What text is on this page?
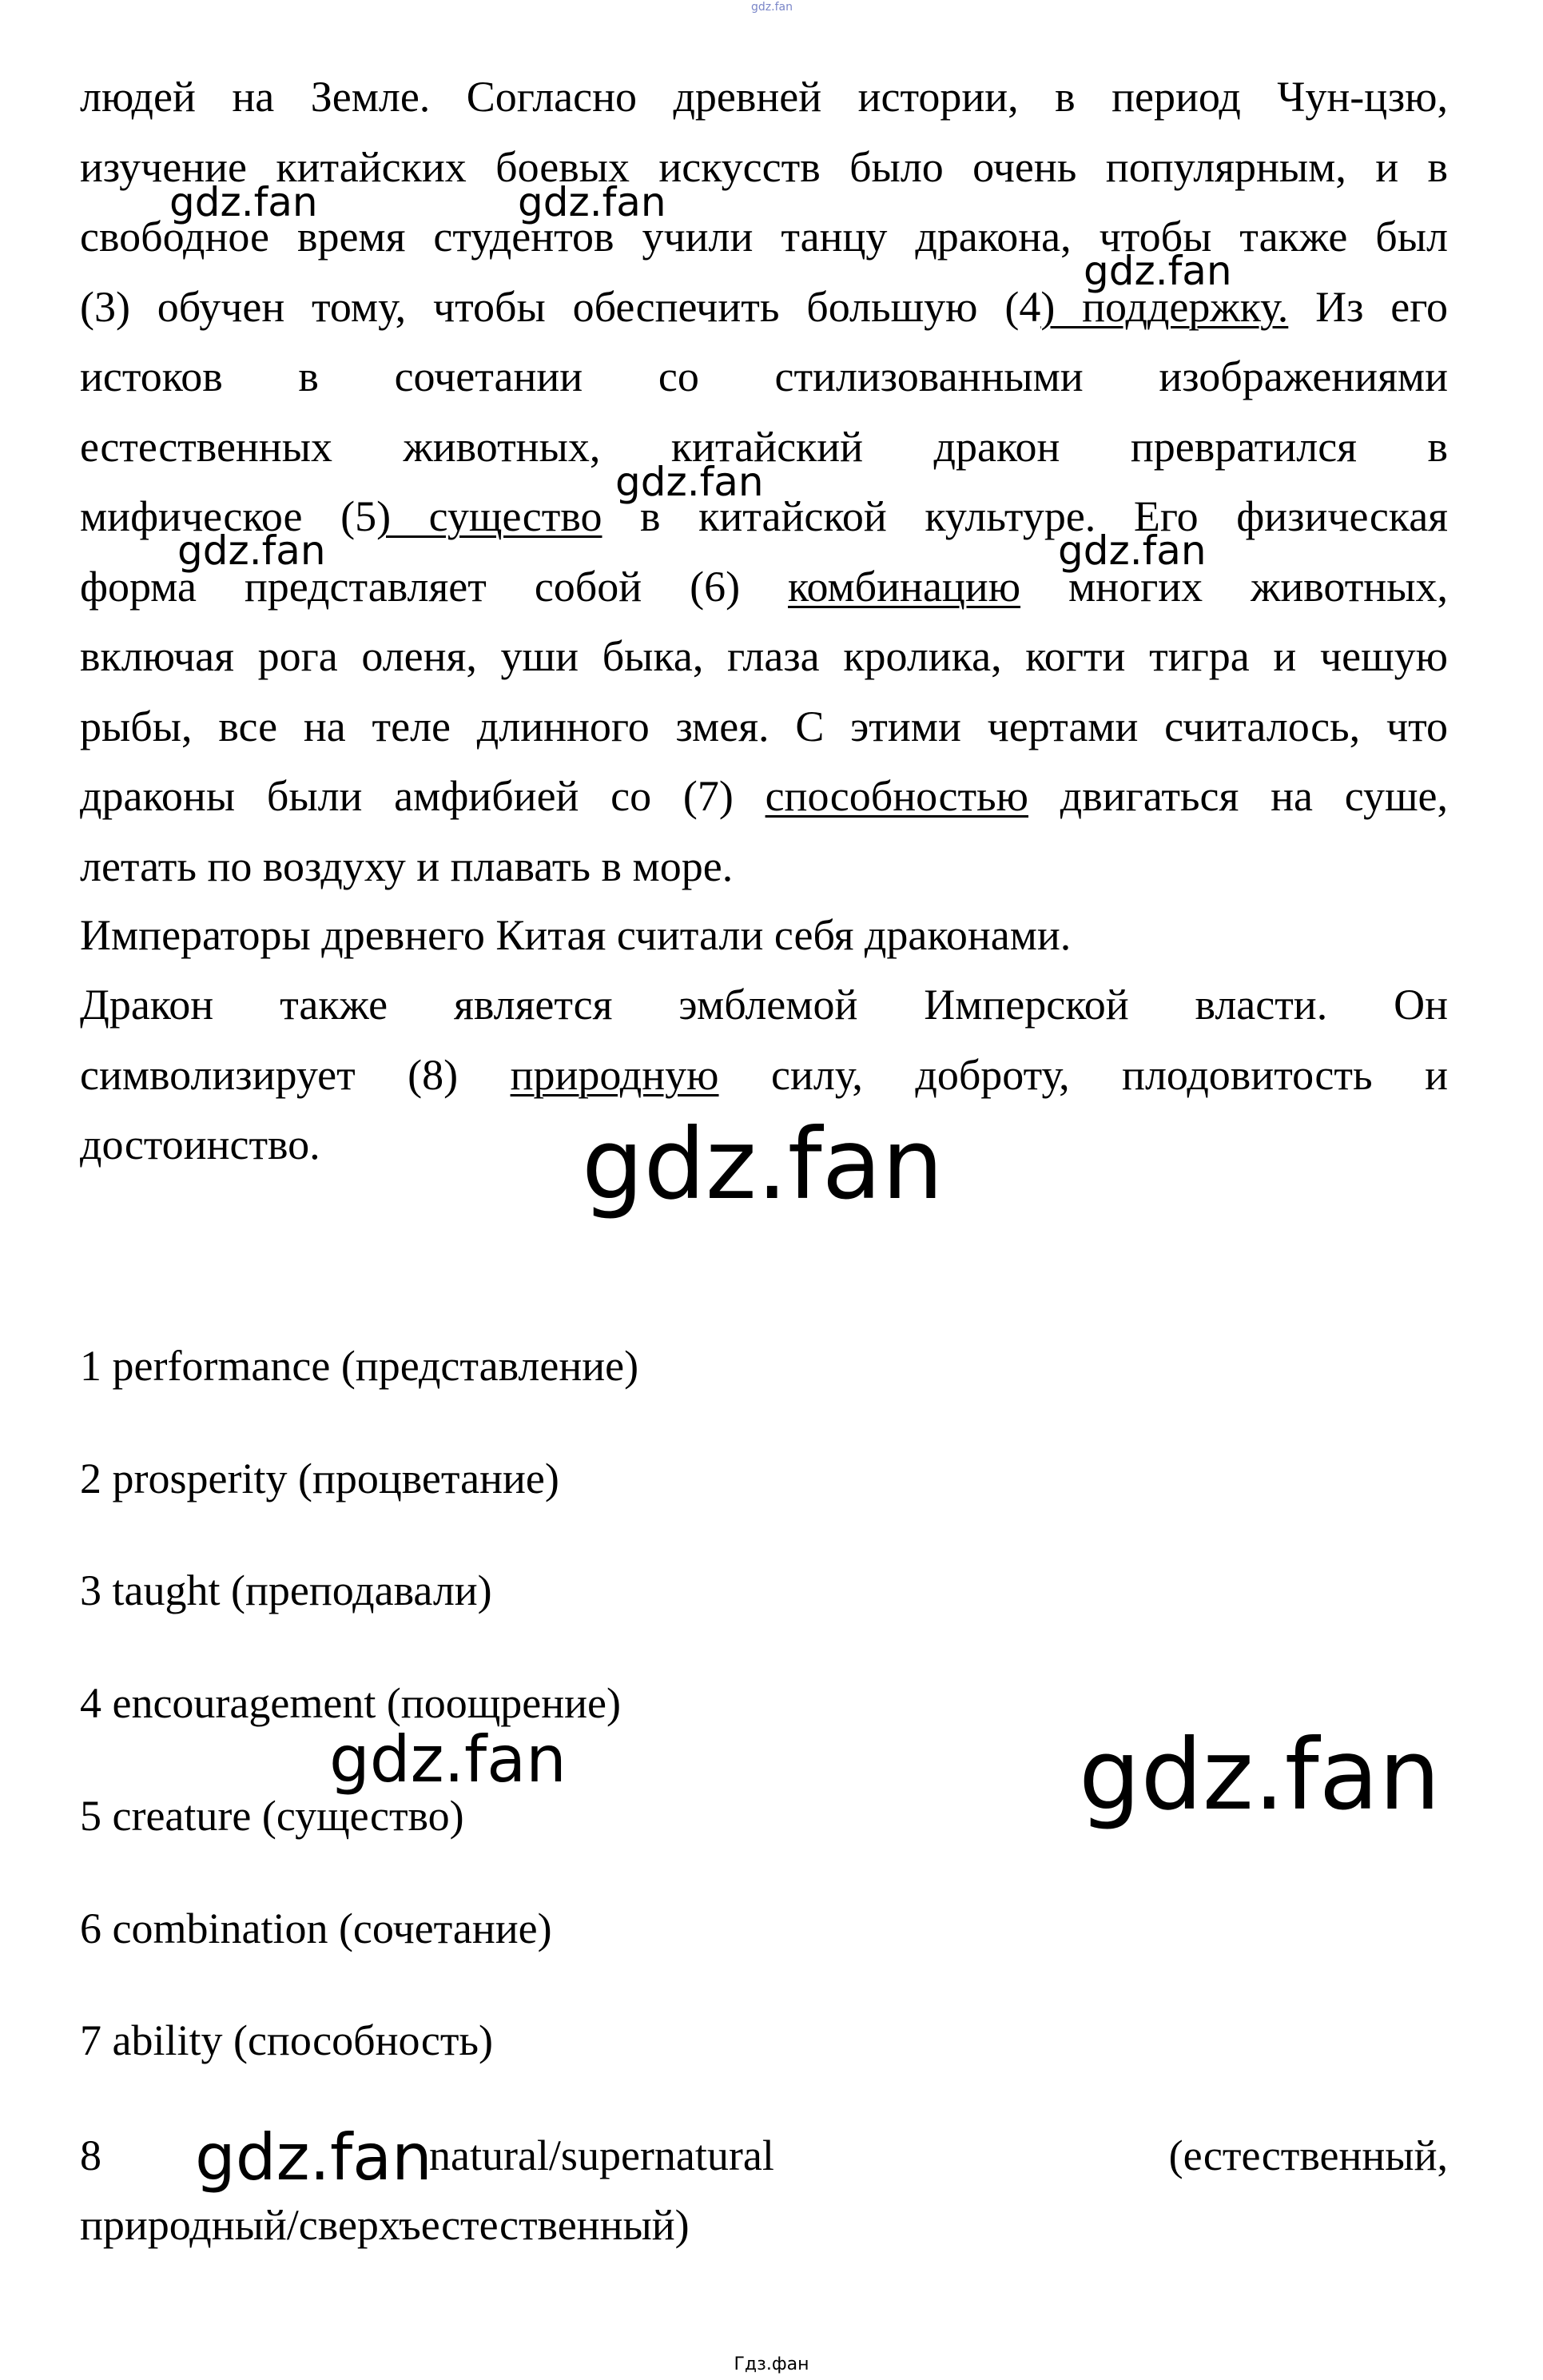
gdz.fan
людей на Земле. Согласно древней истории, в период Чун-цзю,
изучение китайских боевых искусств было очень популярным, и в
свободное время студентов учили танцу дракона, чтобы также был
(3) обучен тому, чтобы обеспечить большую (4) поддержку. Из его
истоков в сочетании со стилизованными изображениями
естественных животных, китайский дракон превратился в
мифическое (5) существо в китайской культуре. Его физическая
форма представляет собой (6) комбинацию многих животных,
включая рога оленя, уши быка, глаза кролика, когти тигра и чешую
рыбы, все на теле длинного змея. С этими чертами считалось, что
драконы были амфибией со (7) способностью двигаться на суше,
летать по воздуху и плавать в море.
Императоры древнего Китая считали себя драконами.
Дракон также является эмблемой Имперской власти. Он
символизирует (8) природную силу, доброту, плодовитость и
достоинство.
1 performance (представление)
2 prosperity (процветание)
3 taught (преподавали)
4 encouragement (поощрение)
5 creature (существо)
6 combination (сочетание)
7 ability (способность)
8	natural/supernatural	(естественный,
природный/сверхъестественный)
gdz.fan	gdz.fan
gdz.fan
gdz.fan
gdz.fan	gdz.fan
gdz.fan
gdz.fan	gdz.fan
gdz.fan
Гдз.фан
